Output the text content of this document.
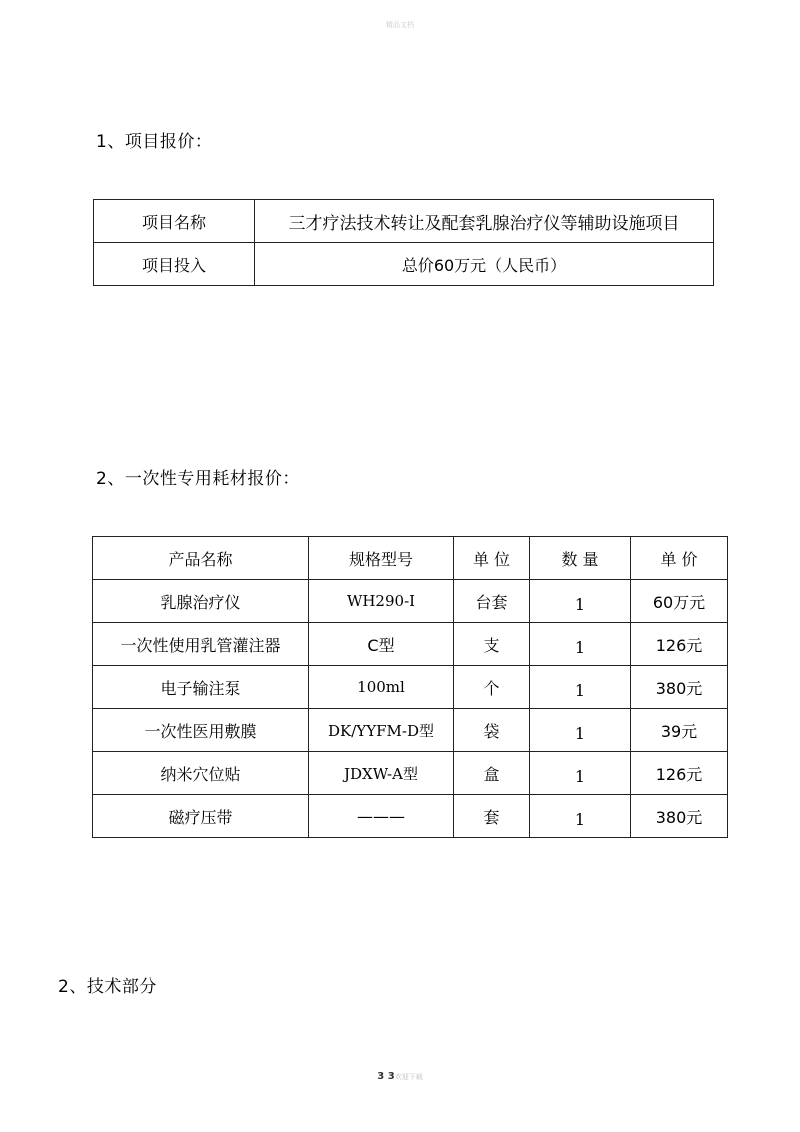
精品文档
1、项目报价：
项目名称	三才疗法技术转让及配套乳腺治疗仪等辅助设施项目
项目投入	总价60万元（人民币）
2、一次性专用耗材报价：
产品名称	规格型号	单 位	数 量	单 价
乳腺治疗仪	WH290-I	台套	1	60万元
一次性使用乳管灌注器	C型	支	1	126元
电子输注泵	100ml	个	1	380元
一次性医用敷膜	DK/YYFM-D型	袋	1	39元
纳米穴位贴	JDXW-A型	盒	1	126元
磁疗压带	———	套	1	380元
2、技术部分
3 3欢迎下载
